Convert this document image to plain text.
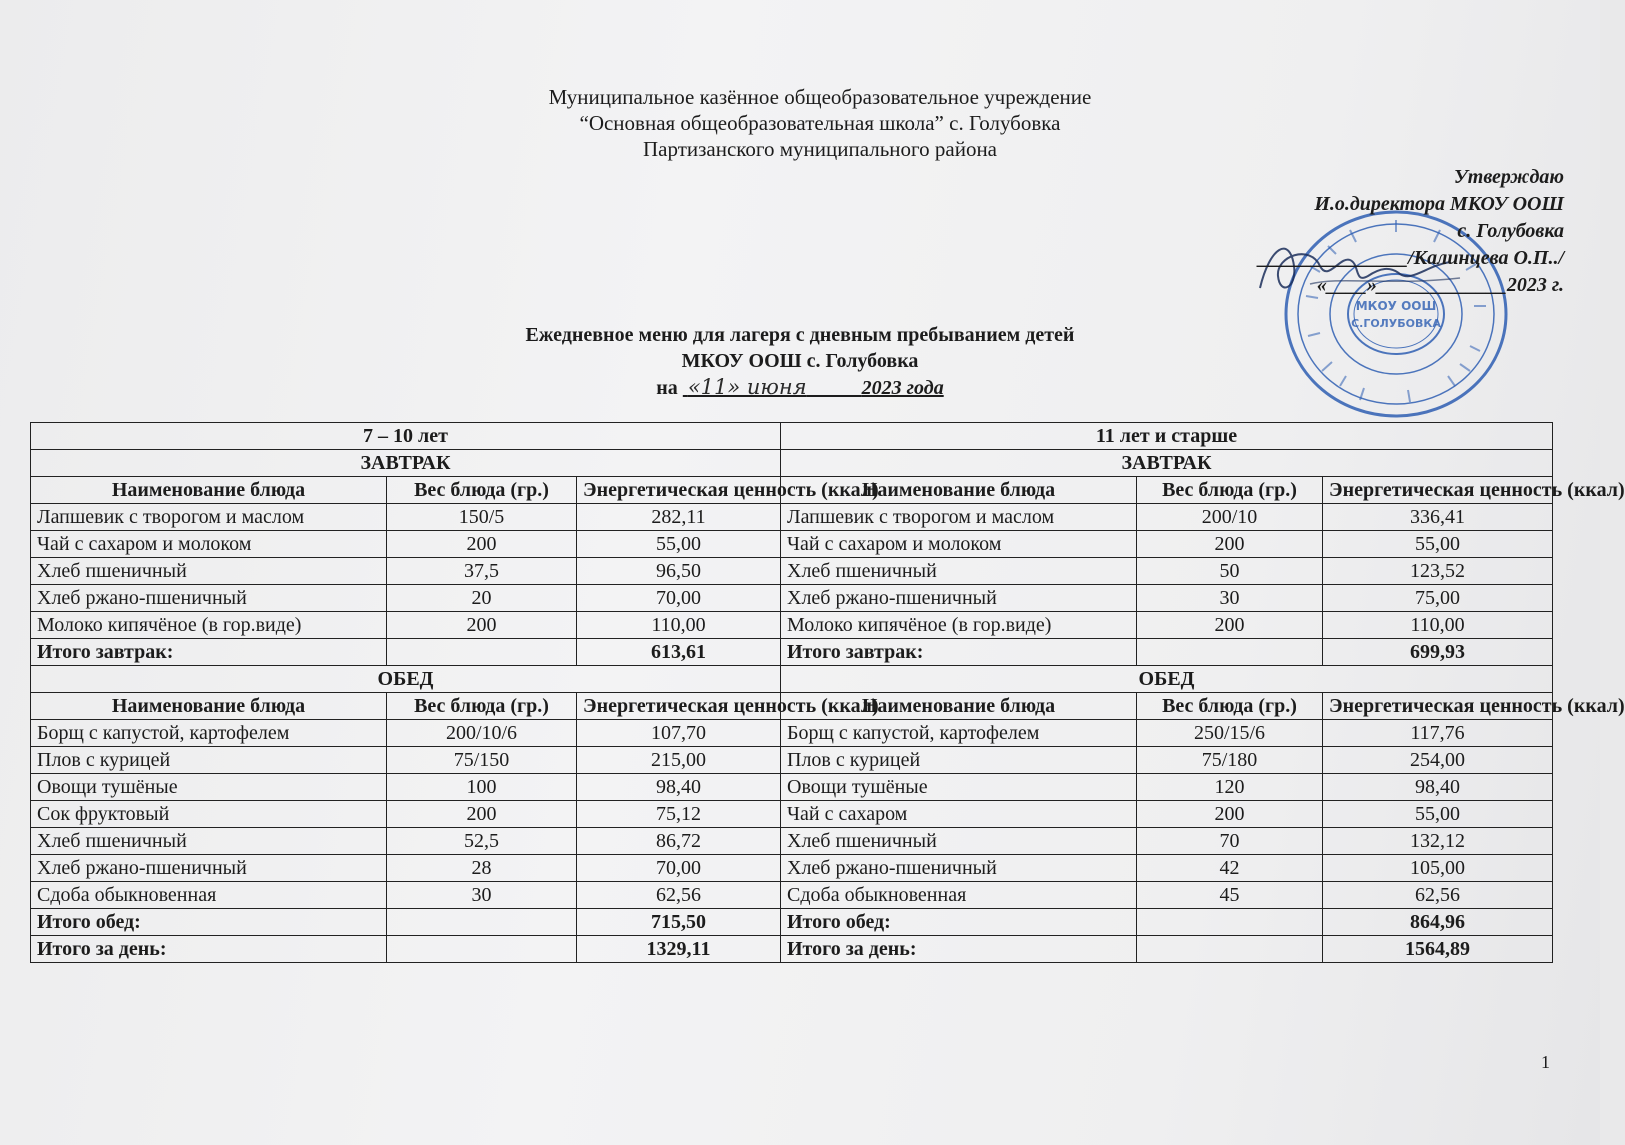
Муниципальное казённое общеобразовательное учреждение
“Основная общеобразовательная школа” с. Голубовка
Партизанского муниципального района
МКОУ ООШ
С.ГОЛУБОВКА
Утверждаю
И.о.директора МКОУ ООШ
с. Голубовка
_______________/Калинцева О.П../
«____»_____________2023 г.
Ежедневное меню для лагеря с дневным пребыванием детей
МКОУ ООШ с. Голубовка
на «11» июня	2023 года
7 – 10 лет			11 лет и старше		
ЗАВТРАК			ЗАВТРАК		
Наименование блюда	Вес блюда (гр.)	Энергетическая ценность (ккал)	Наименование блюда	Вес блюда (гр.)	Энергетическая ценность (ккал)
Лапшевик с творогом и маслом	150/5	282,11	Лапшевик с творогом и маслом	200/10	336,41
Чай с сахаром и молоком	200	55,00	Чай с сахаром и молоком	200	55,00
Хлеб пшеничный	37,5	96,50	Хлеб пшеничный	50	123,52
Хлеб ржано-пшеничный	20	70,00	Хлеб ржано-пшеничный	30	75,00
Молоко кипячёное (в гор.виде)	200	110,00	Молоко кипячёное (в гор.виде)	200	110,00
Итого завтрак:		613,61	Итого завтрак:		699,93
ОБЕД			ОБЕД		
Наименование блюда	Вес блюда (гр.)	Энергетическая ценность (ккал)	Наименование блюда	Вес блюда (гр.)	Энергетическая ценность (ккал)
Борщ с капустой, картофелем	200/10/6	107,70	Борщ с капустой, картофелем	250/15/6	117,76
Плов с курицей	75/150	215,00	Плов с курицей	75/180	254,00
Овощи тушёные	100	98,40	Овощи тушёные	120	98,40
Сок фруктовый	200	75,12	Чай с сахаром	200	55,00
Хлеб пшеничный	52,5	86,72	Хлеб пшеничный	70	132,12
Хлеб ржано-пшеничный	28	70,00	Хлеб ржано-пшеничный	42	105,00
Сдоба обыкновенная	30	62,56	Сдоба обыкновенная	45	62,56
Итого обед:		715,50	Итого обед:		864,96
Итого за день:		1329,11	Итого за день:		1564,89
1
